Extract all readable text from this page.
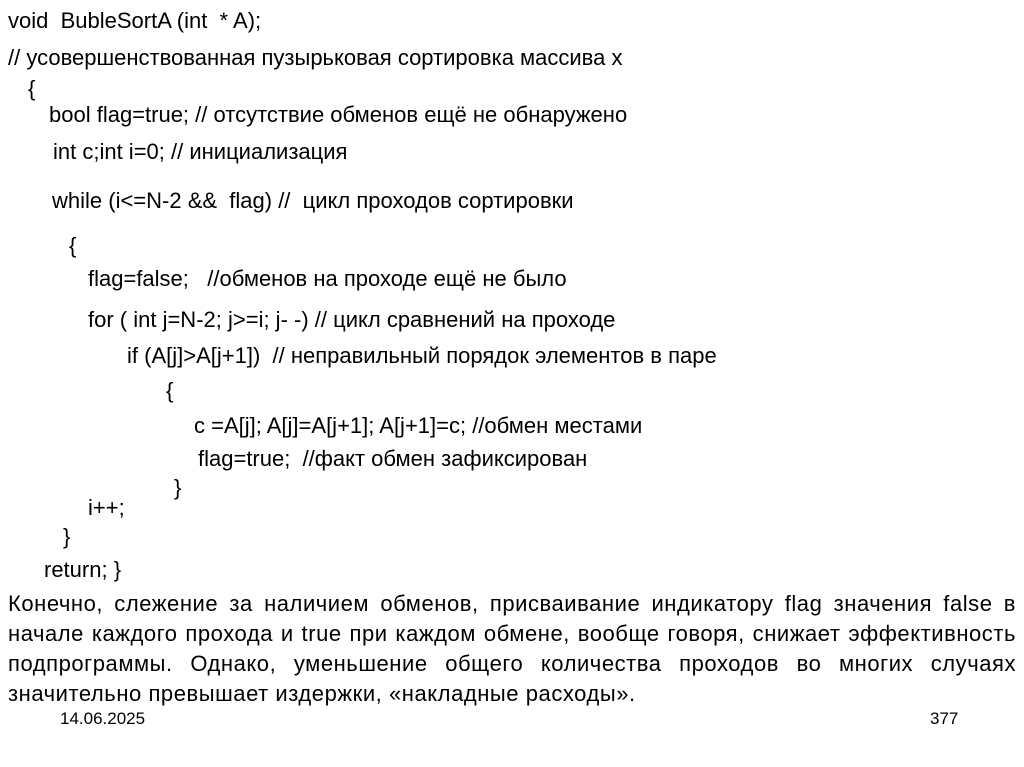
void  BubleSortA (int  * A);
// усовершенствованная пузырьковая сортировка массива х
{
bool flag=true; // отсутствие обменов ещё не обнаружено
int c;int i=0; // инициализация
while (i<=N-2 &&  flag) //  цикл проходов сортировки
{
flag=false;   //обменов на проходе ещё не было
for ( int j=N-2; j>=i; j- -) // цикл сравнений на проходе
if (A[j]>A[j+1])  // неправильный порядок элементов в паре
{
c =A[j]; A[j]=A[j+1]; A[j+1]=c; //обмен местами
flag=true;  //факт обмен зафиксирован
}
i++;
}
return; }
Конечно, слежение за наличием обменов, присваивание индикатору flag значения false в начале каждого прохода и true при каждом обмене, вообще говоря, снижает эффективность подпрограммы. Однако, уменьшение общего количества проходов во многих случаях значительно превышает издержки, «накладные расходы».
14.06.2025	377
